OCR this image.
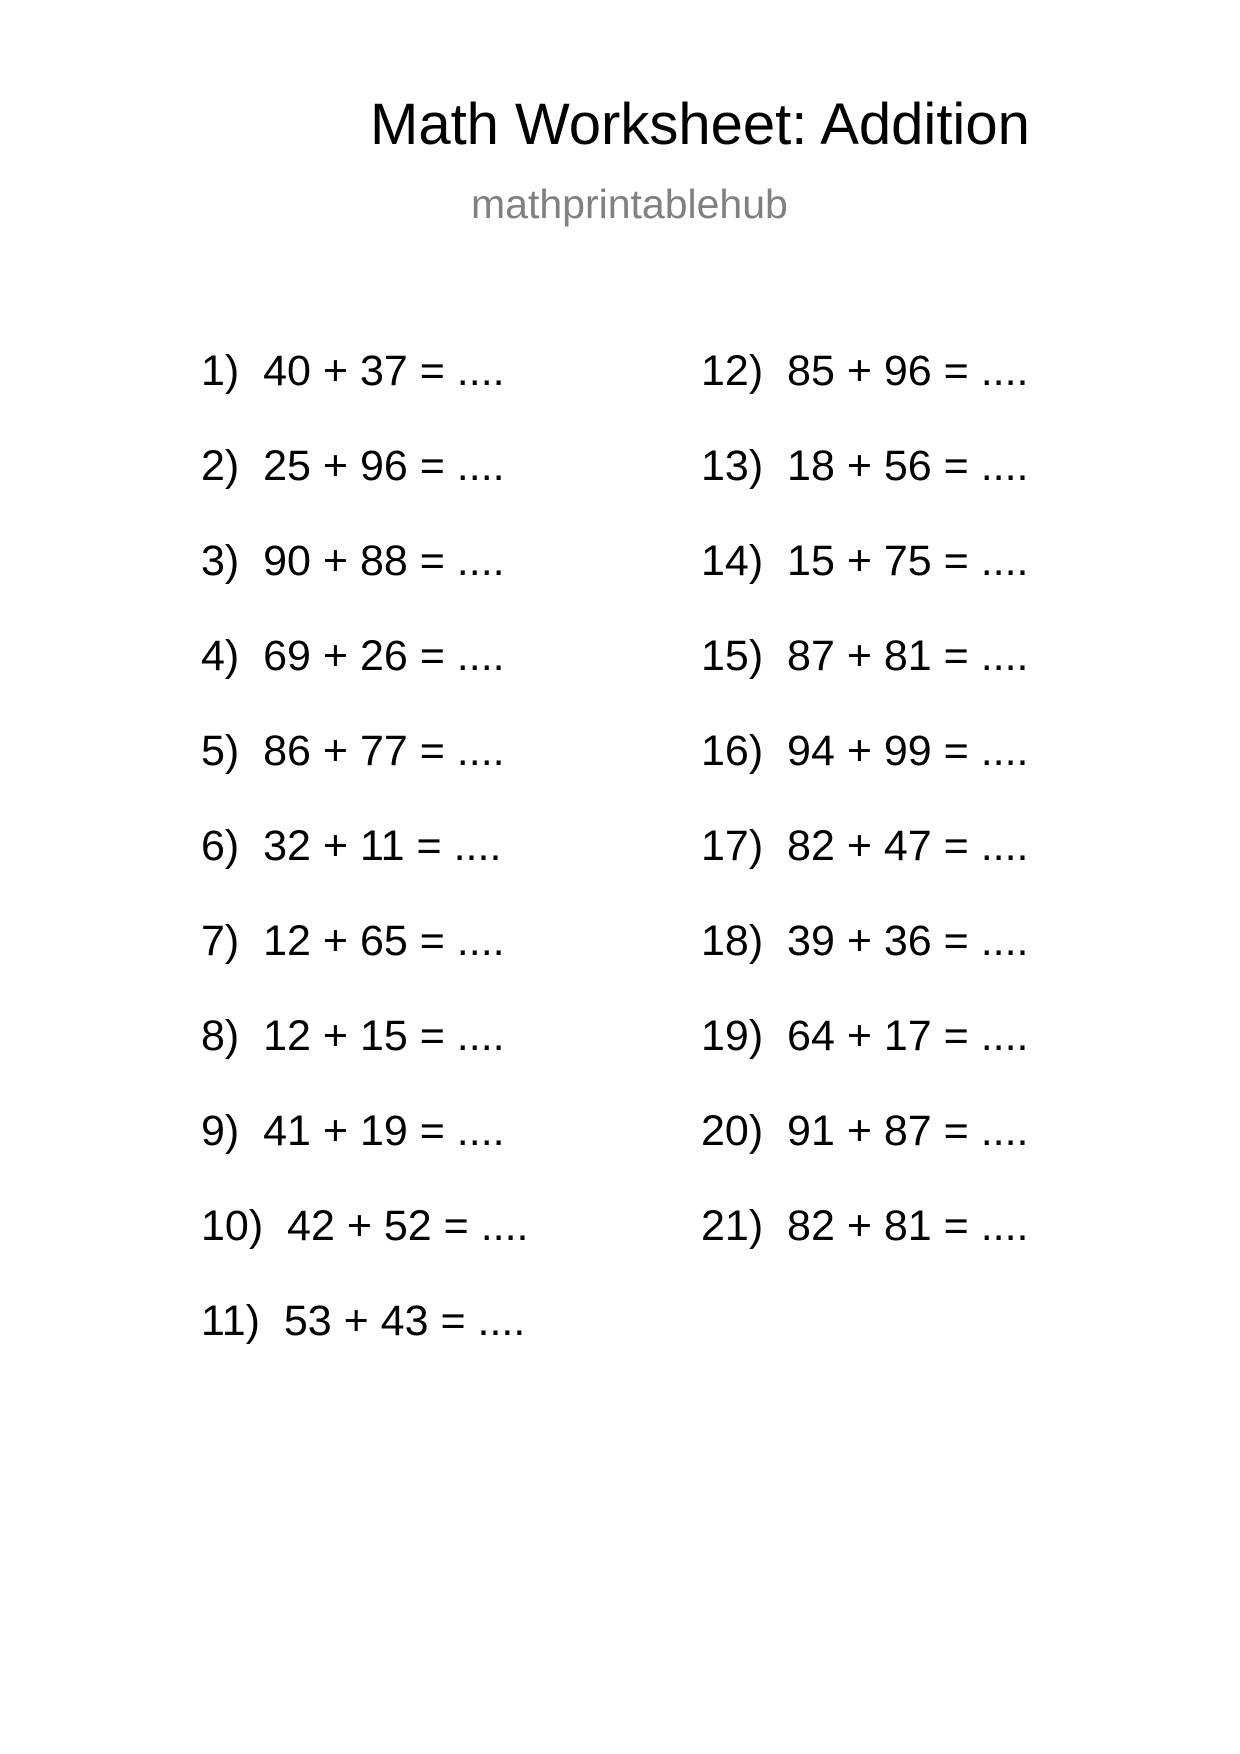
Math Worksheet: Addition
mathprintablehub
1)  40 + 37 = ....
2)  25 + 96 = ....
3)  90 + 88 = ....
4)  69 + 26 = ....
5)  86 + 77 = ....
6)  32 + 11 = ....
7)  12 + 65 = ....
8)  12 + 15 = ....
9)  41 + 19 = ....
10)  42 + 52 = ....
11)  53 + 43 = ....
12)  85 + 96 = ....
13)  18 + 56 = ....
14)  15 + 75 = ....
15)  87 + 81 = ....
16)  94 + 99 = ....
17)  82 + 47 = ....
18)  39 + 36 = ....
19)  64 + 17 = ....
20)  91 + 87 = ....
21)  82 + 81 = ....
